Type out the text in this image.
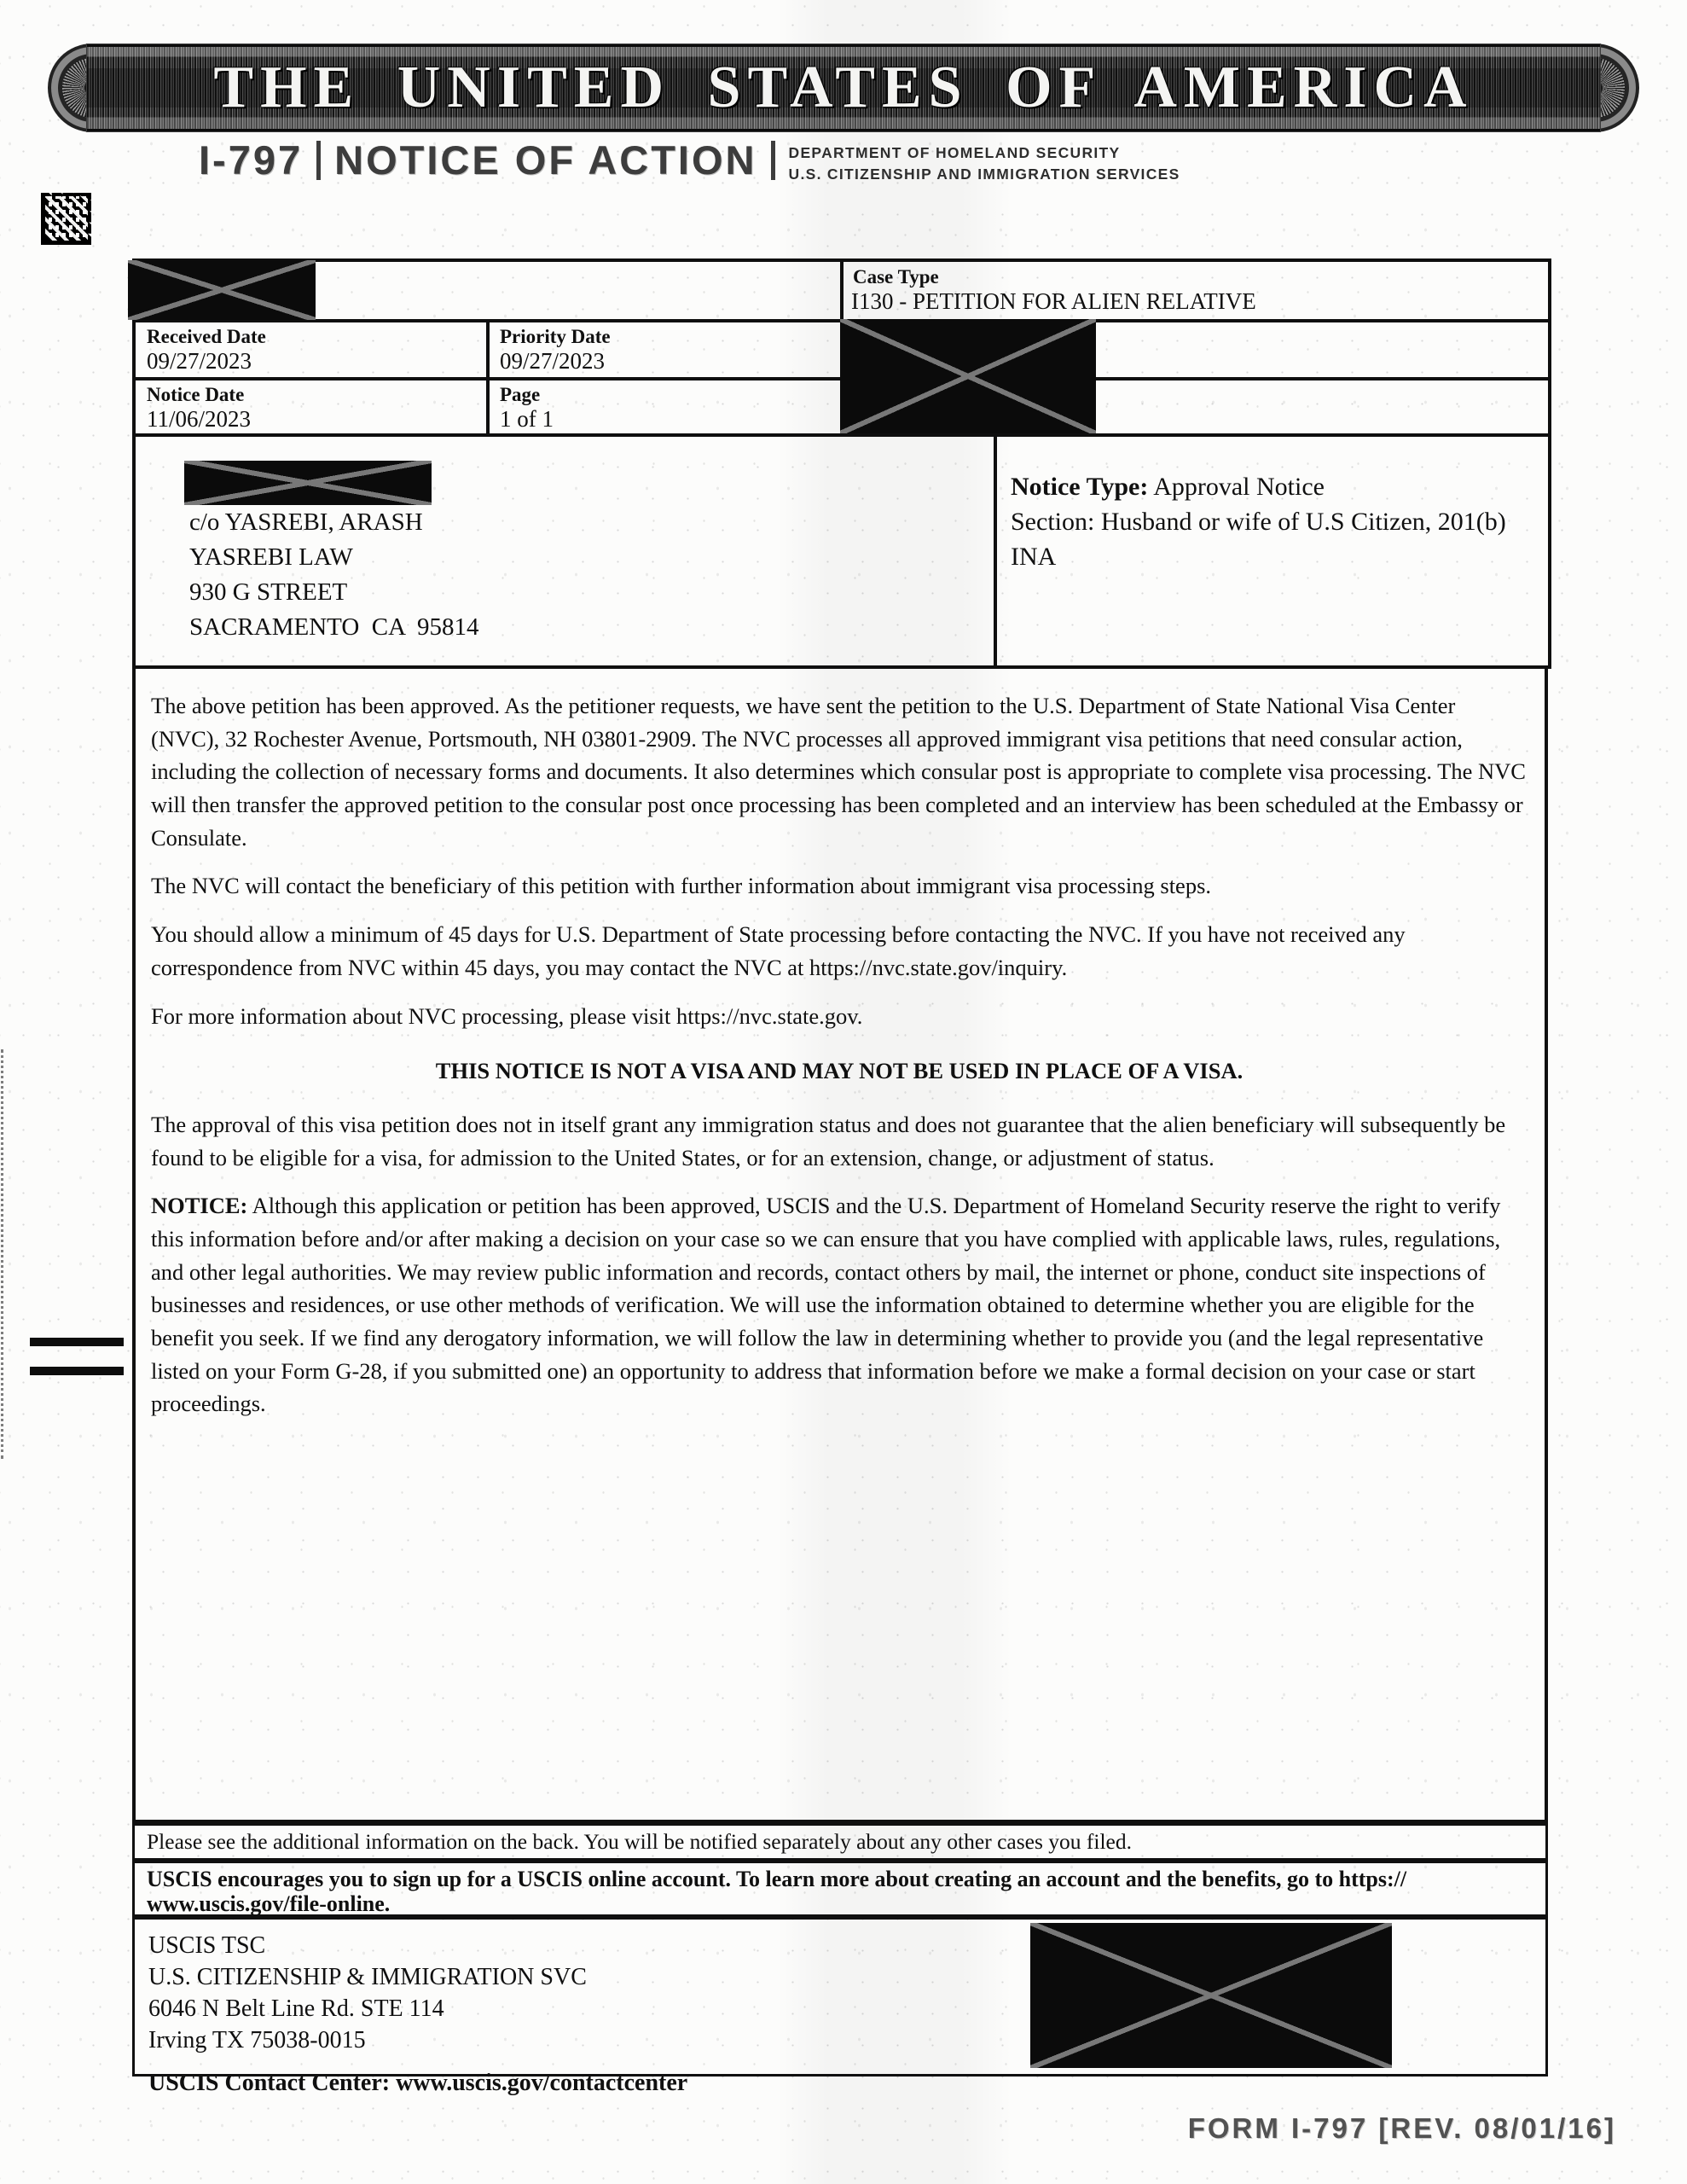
THE UNITED STATES OF AMERICA
I-797 NOTICE OF ACTION DEPARTMENT OF HOMELAND SECURITY
U.S. CITIZENSHIP AND IMMIGRATION SERVICES
Case Type
I130 - PETITION FOR ALIEN RELATIVE
Received Date
09/27/2023
Priority Date
09/27/2023
Notice Date
11/06/2023
Page
1 of 1
c/o YASREBI, ARASH
YASREBI LAW
930 G STREET
SACRAMENTO  CA  95814
Notice Type: Approval Notice
Section: Husband or wife of U.S Citizen, 201(b)
INA

The above petition has been approved. As the petitioner requests, we have sent the petition to the U.S. Department of State National Visa Center (NVC), 32 Rochester Avenue, Portsmouth, NH 03801-2909. The NVC processes all approved immigrant visa petitions that need consular action, including the collection of necessary forms and documents. It also determines which consular post is appropriate to complete visa processing. The NVC will then transfer the approved petition to the consular post once processing has been completed and an interview has been scheduled at the Embassy or Consulate.

The NVC will contact the beneficiary of this petition with further information about immigrant visa processing steps.

You should allow a minimum of 45 days for U.S. Department of State processing before contacting the NVC. If you have not received any correspondence from NVC within 45 days, you may contact the NVC at https://nvc.state.gov/inquiry.

For more information about NVC processing, please visit https://nvc.state.gov.

THIS NOTICE IS NOT A VISA AND MAY NOT BE USED IN PLACE OF A VISA.

The approval of this visa petition does not in itself grant any immigration status and does not guarantee that the alien beneficiary will subsequently be found to be eligible for a visa, for admission to the United States, or for an extension, change, or adjustment of status.

NOTICE: Although this application or petition has been approved, USCIS and the U.S. Department of Homeland Security reserve the right to verify this information before and/or after making a decision on your case so we can ensure that you have complied with applicable laws, rules, regulations, and other legal authorities. We may review public information and records, contact others by mail, the internet or phone, conduct site inspections of businesses and residences, or use other methods of verification. We will use the information obtained to determine whether you are eligible for the benefit you seek. If we find any derogatory information, we will follow the law in determining whether to provide you (and the legal representative listed on your Form G-28, if you submitted one) an opportunity to address that information before we make a formal decision on your case or start proceedings.

Please see the additional information on the back. You will be notified separately about any other cases you filed.
USCIS encourages you to sign up for a USCIS online account. To learn more about creating an account and the benefits, go to https://
www.uscis.gov/file-online.
USCIS TSC
U.S. CITIZENSHIP & IMMIGRATION SVC
6046 N Belt Line Rd. STE 114
Irving TX 75038-0015
USCIS Contact Center: www.uscis.gov/contactcenter
FORM I-797 [REV. 08/01/16]
